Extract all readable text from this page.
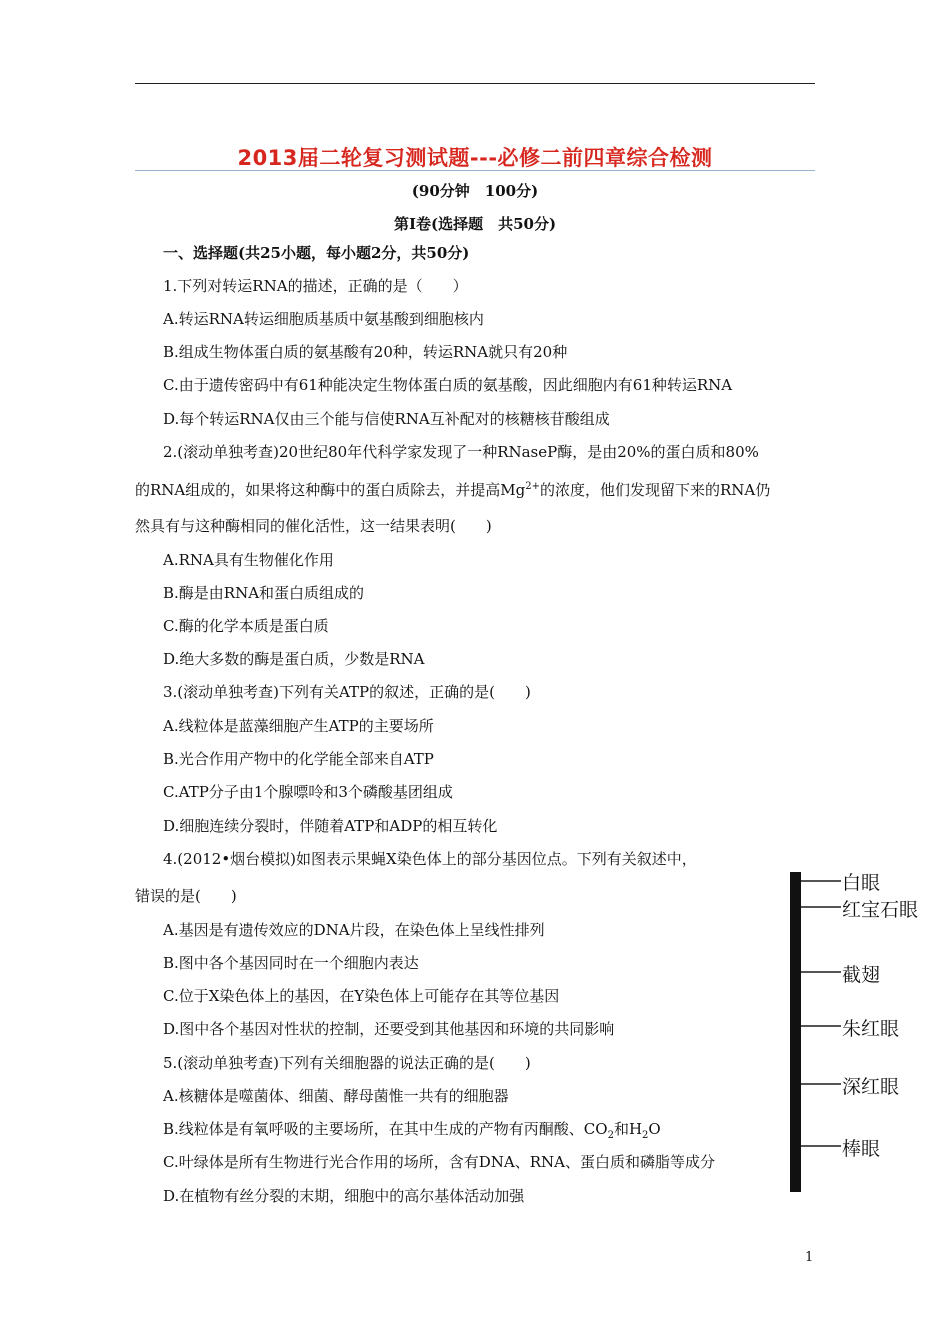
2013届二轮复习测试题---必修二前四章综合检测
(90分钟　100分)
第Ⅰ卷(选择题　共50分)
一、选择题(共25小题，每小题2分，共50分)
1.下列对转运RNA的描述，正确的是（　　）
A.转运RNA转运细胞质基质中氨基酸到细胞核内
B.组成生物体蛋白质的氨基酸有20种，转运RNA就只有20种
C.由于遗传密码中有61种能决定生物体蛋白质的氨基酸，因此细胞内有61种转运RNA
D.每个转运RNA仅由三个能与信使RNA互补配对的核糖核苷酸组成
2.(滚动单独考查)20世纪80年代科学家发现了一种RNaseP酶，是由20%的蛋白质和80%
的RNA组成的，如果将这种酶中的蛋白质除去，并提高$Mg^{2+}$的浓度，他们发现留下来的RNA仍
然具有与这种酶相同的催化活性，这一结果表明(　　)
A.RNA具有生物催化作用
B.酶是由RNA和蛋白质组成的
C.酶的化学本质是蛋白质
D.绝大多数的酶是蛋白质，少数是RNA
3.(滚动单独考查)下列有关ATP的叙述，正确的是(　　)
A.线粒体是蓝藻细胞产生ATP的主要场所
B.光合作用产物中的化学能全部来自ATP
C.ATP分子由1个腺嘌呤和3个磷酸基团组成
D.细胞连续分裂时，伴随着ATP和ADP的相互转化
4.(2012•烟台模拟)如图表示果蝇X染色体上的部分基因位点。下列有关叙述中，
错误的是(　　)
A.基因是有遗传效应的DNA片段，在染色体上呈线性排列
B.图中各个基因同时在一个细胞内表达
C.位于X染色体上的基因，在Y染色体上可能存在其等位基因
D.图中各个基因对性状的控制，还要受到其他基因和环境的共同影响
5.(滚动单独考查)下列有关细胞器的说法正确的是(　　)
A.核糖体是噬菌体、细菌、酵母菌惟一共有的细胞器
B.线粒体是有氧呼吸的主要场所，在其中生成的产物有丙酮酸、$CO_2$和$H_2O$
C.叶绿体是所有生物进行光合作用的场所，含有DNA、RNA、蛋白质和磷脂等成分
D.在植物有丝分裂的末期，细胞中的高尔基体活动加强
白眼
红宝石眼
截翅
朱红眼
深红眼
棒眼
1
